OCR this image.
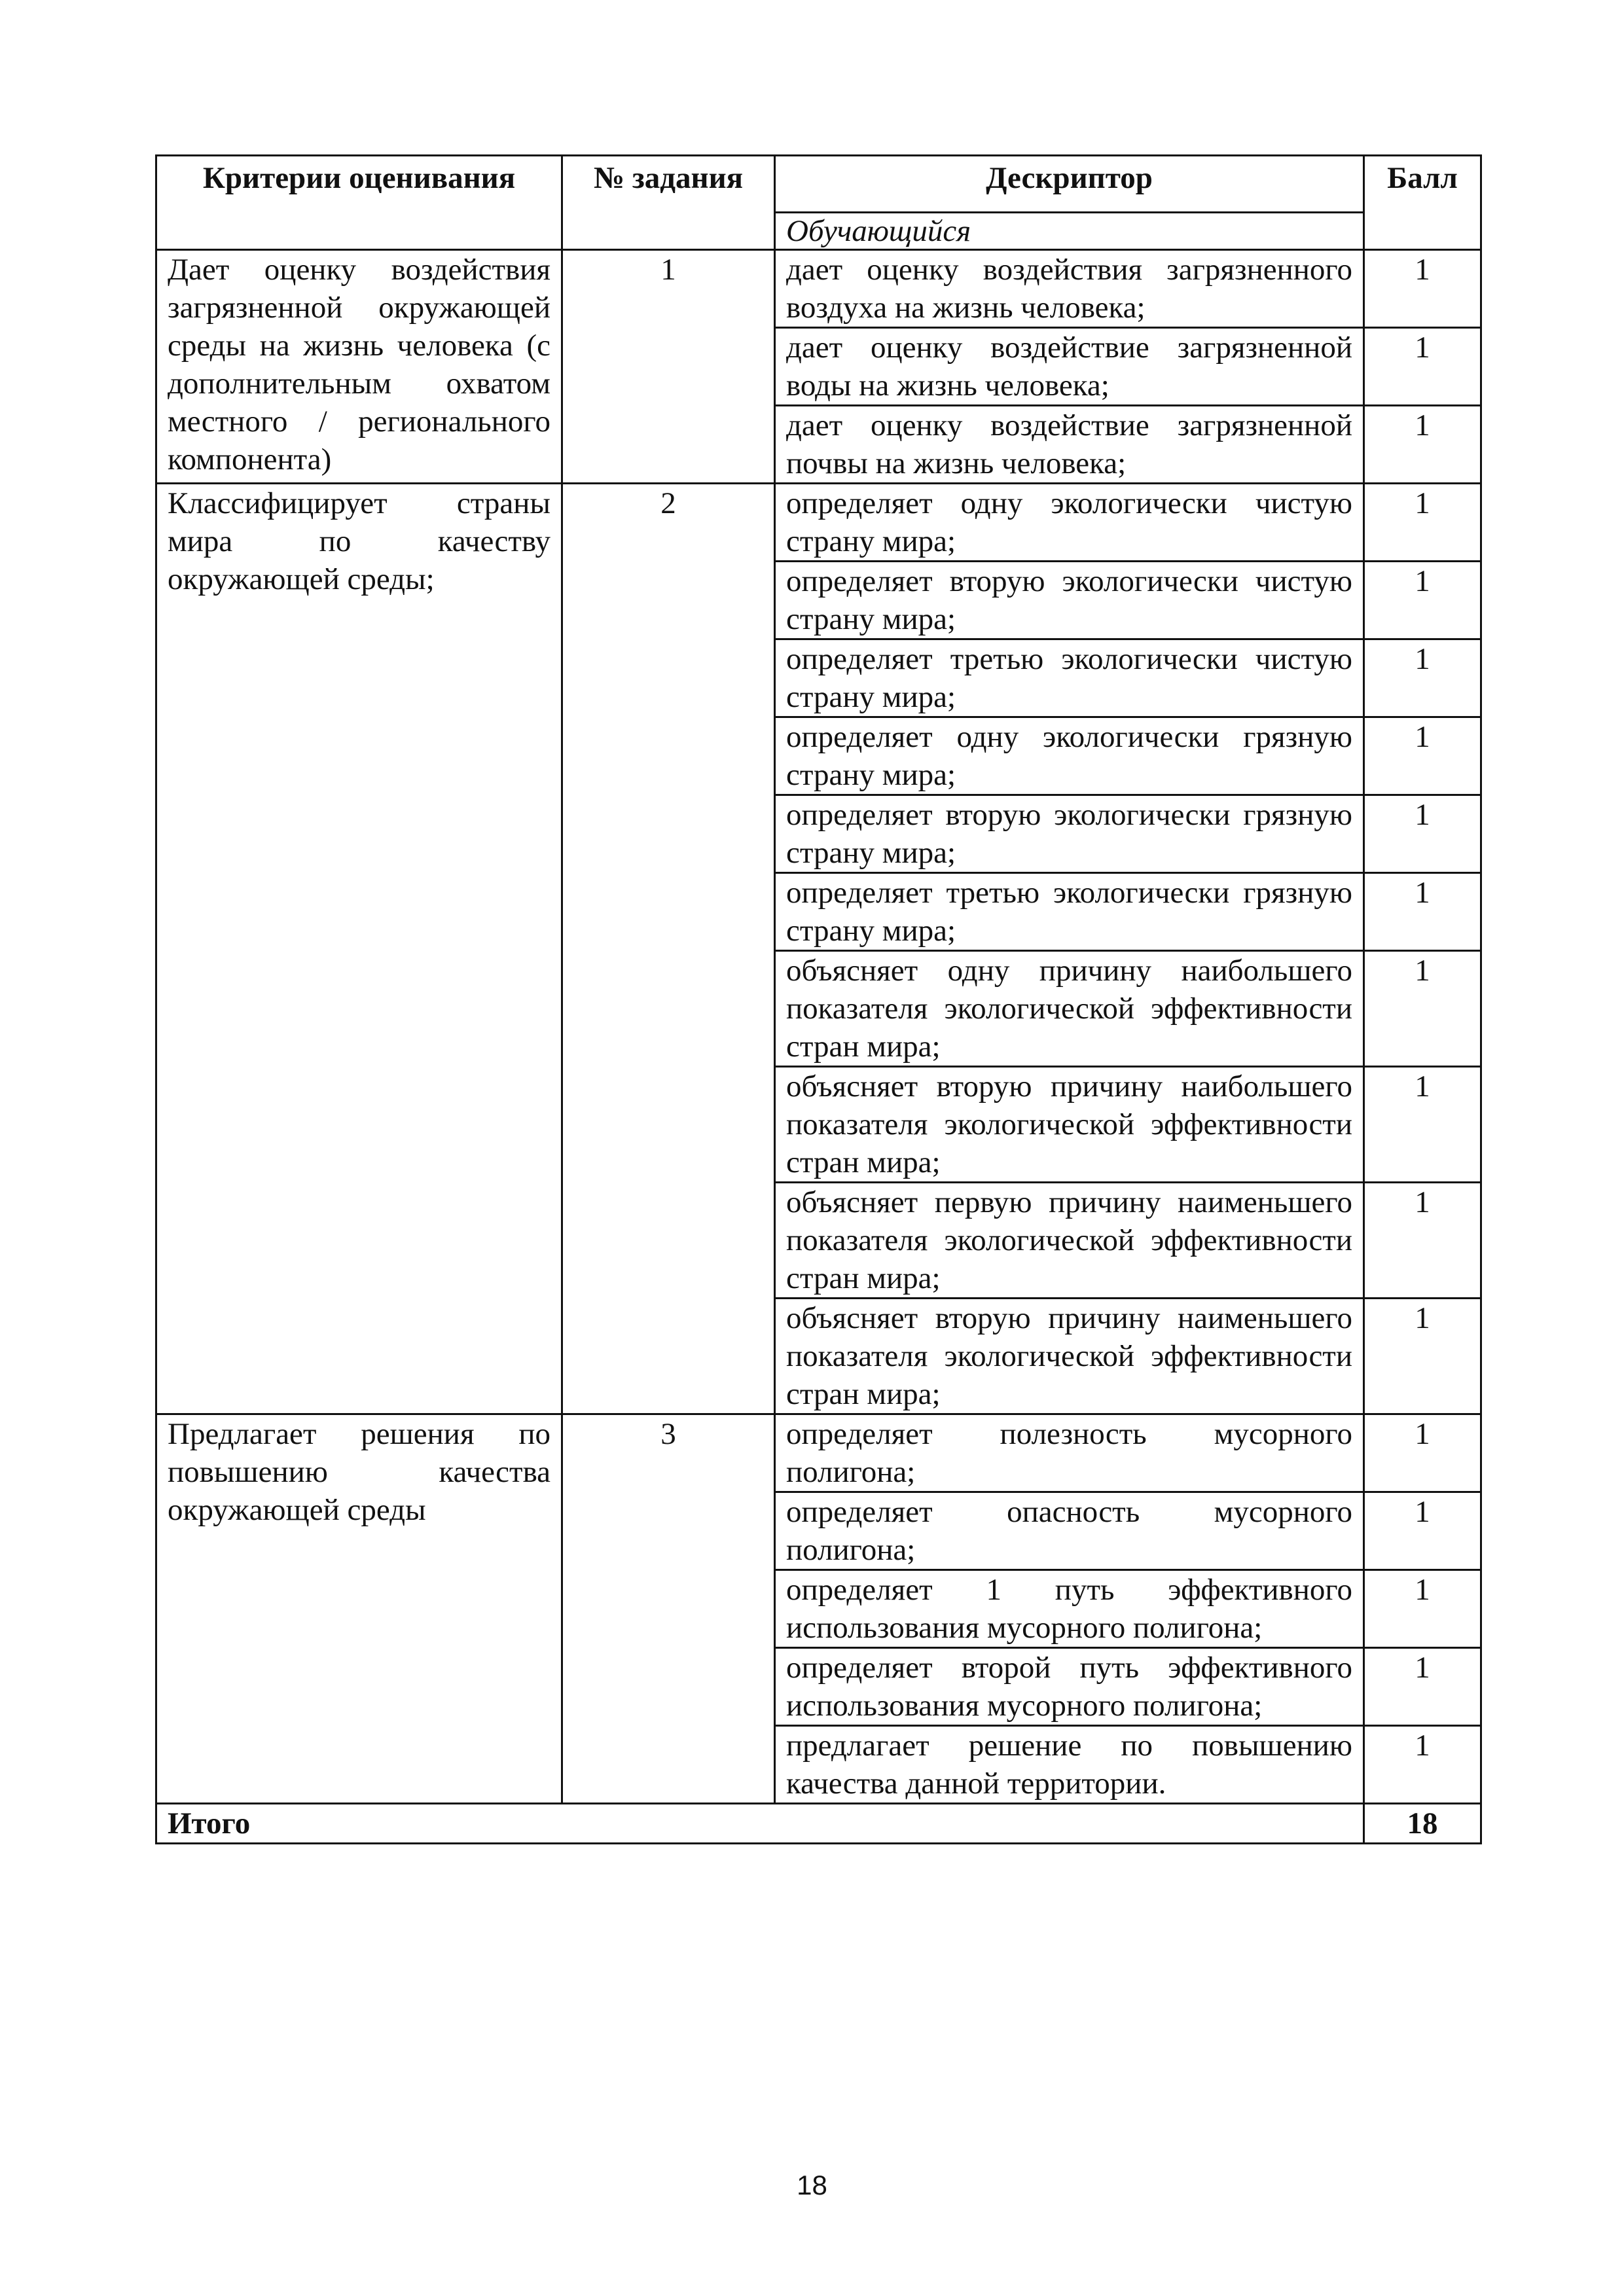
Критерии оценивания	№ задания	Дескриптор	Балл
		Обучающийся	
Дает оценку воздействия загрязненной окружающей среды на жизнь человека (с дополнительным охватом местного / регионального компонента)	1	дает оценку воздействия загрязненного воздуха на жизнь человека;	1
		дает оценку воздействие загрязненной воды на жизнь человека;	1
		дает оценку воздействие загрязненной почвы на жизнь человека;	1
Классифицирует страны мира по качеству окружающей среды;	2	определяет одну экологически чистую страну мира;	1
		определяет вторую экологически чистую страну мира;	1
		определяет третью экологически чистую страну мира;	1
		определяет одну экологически грязную страну мира;	1
		определяет вторую экологически грязную страну мира;	1
		определяет третью экологически грязную страну мира;	1
		объясняет одну причину наибольшего показателя экологической эффективности стран мира;	1
		объясняет вторую причину наибольшего показателя экологической эффективности стран мира;	1
		объясняет первую причину наименьшего показателя экологической эффективности стран мира;	1
		объясняет вторую причину наименьшего показателя экологической эффективности стран мира;	1
Предлагает решения по повышению качества окружающей среды	3	определяет полезность мусорного полигона;	1
		определяет опасность мусорного полигона;	1
		определяет 1 путь эффективного использования мусорного полигона;	1
		определяет второй путь эффективного использования мусорного полигона;	1
		предлагает решение по повышению качества данной территории.	1
Итого			18
18
